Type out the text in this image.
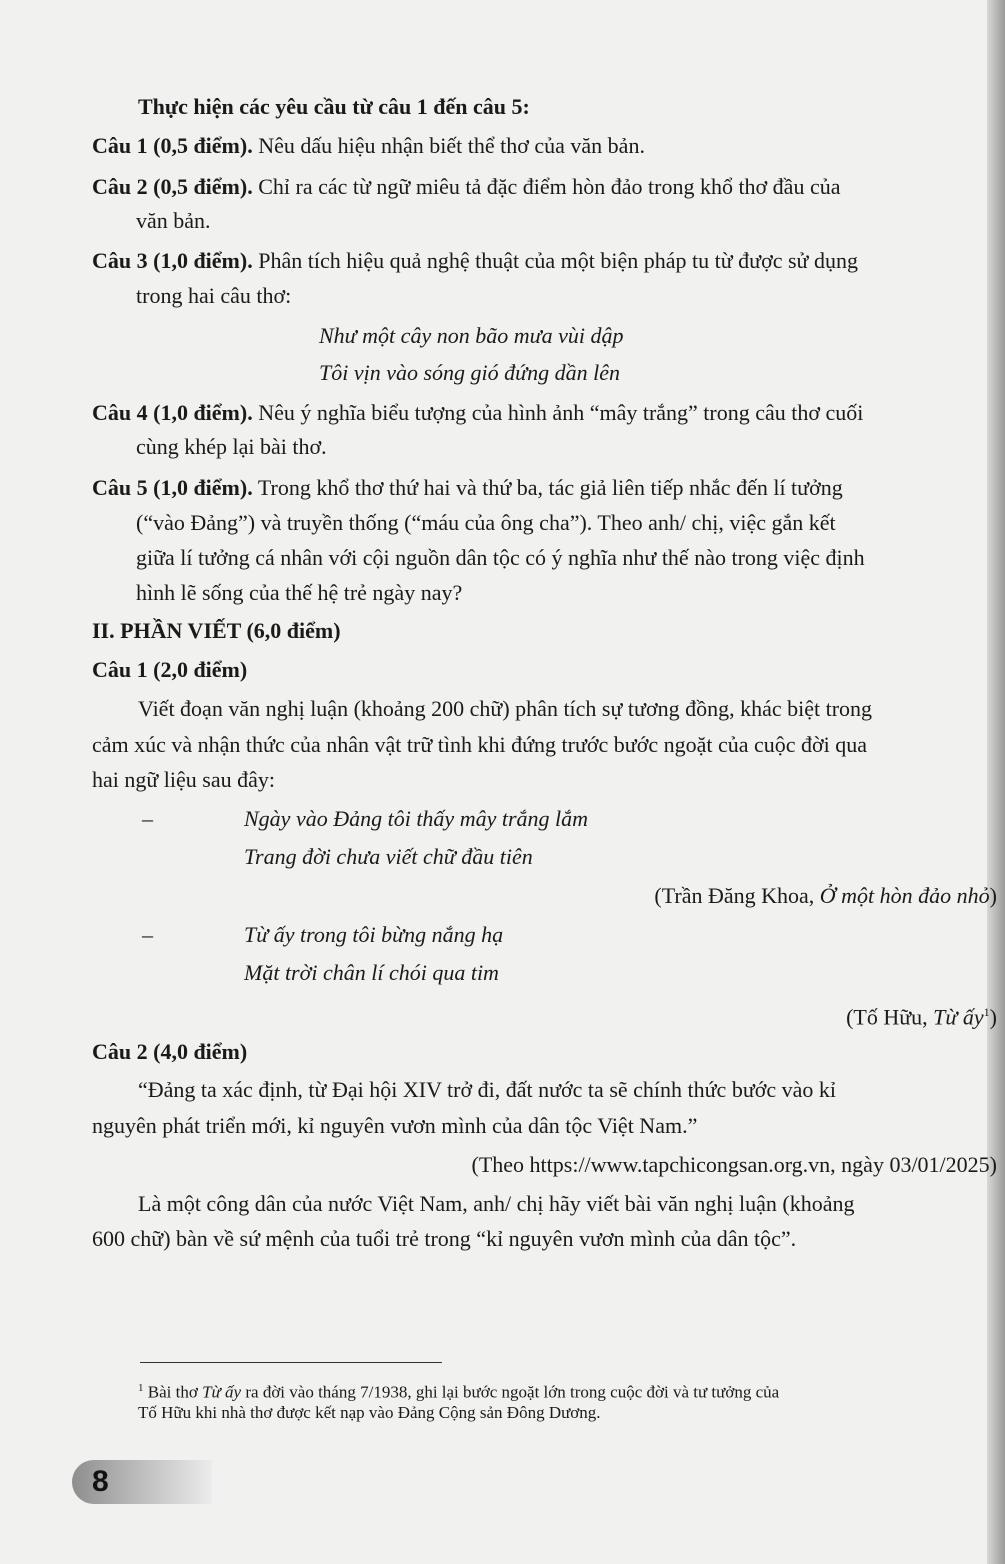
Thực hiện các yêu cầu từ câu 1 đến câu 5:
Câu 1 (0,5 điểm). Nêu dấu hiệu nhận biết thể thơ của văn bản.
Câu 2 (0,5 điểm). Chỉ ra các từ ngữ miêu tả đặc điểm hòn đảo trong khổ thơ đầu của
văn bản.
Câu 3 (1,0 điểm). Phân tích hiệu quả nghệ thuật của một biện pháp tu từ được sử dụng
trong hai câu thơ:
Như một cây non bão mưa vùi dập
Tôi vịn vào sóng gió đứng dần lên
Câu 4 (1,0 điểm). Nêu ý nghĩa biểu tượng của hình ảnh “mây trắng” trong câu thơ cuối
cùng khép lại bài thơ.
Câu 5 (1,0 điểm). Trong khổ thơ thứ hai và thứ ba, tác giả liên tiếp nhắc đến lí tưởng
(“vào Đảng”) và truyền thống (“máu của ông cha”). Theo anh/ chị, việc gắn kết
giữa lí tưởng cá nhân với cội nguồn dân tộc có ý nghĩa như thế nào trong việc định
hình lẽ sống của thế hệ trẻ ngày nay?
II. PHẦN VIẾT (6,0 điểm)
Câu 1 (2,0 điểm)
Viết đoạn văn nghị luận (khoảng 200 chữ) phân tích sự tương đồng, khác biệt trong
cảm xúc và nhận thức của nhân vật trữ tình khi đứng trước bước ngoặt của cuộc đời qua
hai ngữ liệu sau đây:
–	Ngày vào Đảng tôi thấy mây trắng lắm
Trang đời chưa viết chữ đầu tiên
(Trần Đăng Khoa, Ở một hòn đảo nhỏ)
–	Từ ấy trong tôi bừng nắng hạ
Mặt trời chân lí chói qua tim
(Tố Hữu, Từ ấy$^1$)
Câu 2 (4,0 điểm)
“Đảng ta xác định, từ Đại hội XIV trở đi, đất nước ta sẽ chính thức bước vào kỉ
nguyên phát triển mới, kỉ nguyên vươn mình của dân tộc Việt Nam.”
(Theo https://www.tapchicongsan.org.vn, ngày 03/01/2025)
Là một công dân của nước Việt Nam, anh/ chị hãy viết bài văn nghị luận (khoảng
600 chữ) bàn về sứ mệnh của tuổi trẻ trong “kỉ nguyên vươn mình của dân tộc”.
$^1$ Bài thơ Từ ấy ra đời vào tháng 7/1938, ghi lại bước ngoặt lớn trong cuộc đời và tư tưởng của
Tố Hữu khi nhà thơ được kết nạp vào Đảng Cộng sản Đông Dương.
8
